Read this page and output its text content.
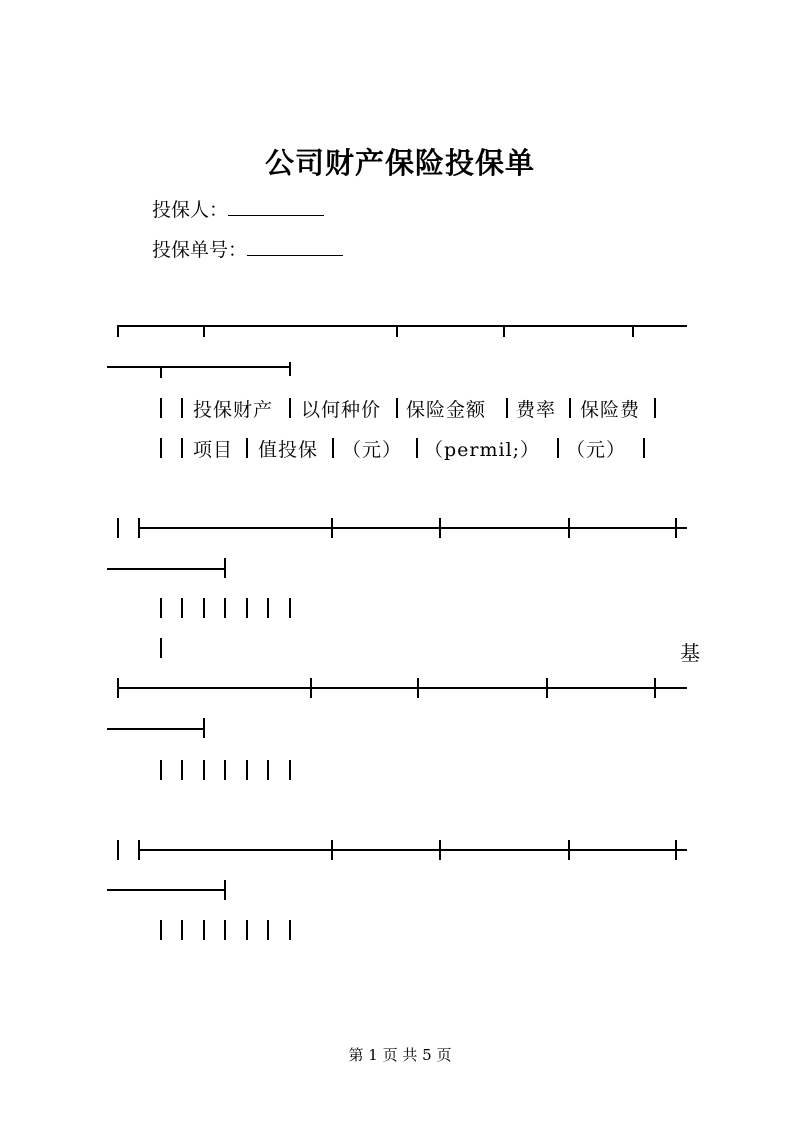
公司财产保险投保单
投保人：
投保单号：
投保财产 以何种价 保险金额 费率 保险费
项目 值投保 （元） （permil;） （元）
基
第 1 页 共 5 页
